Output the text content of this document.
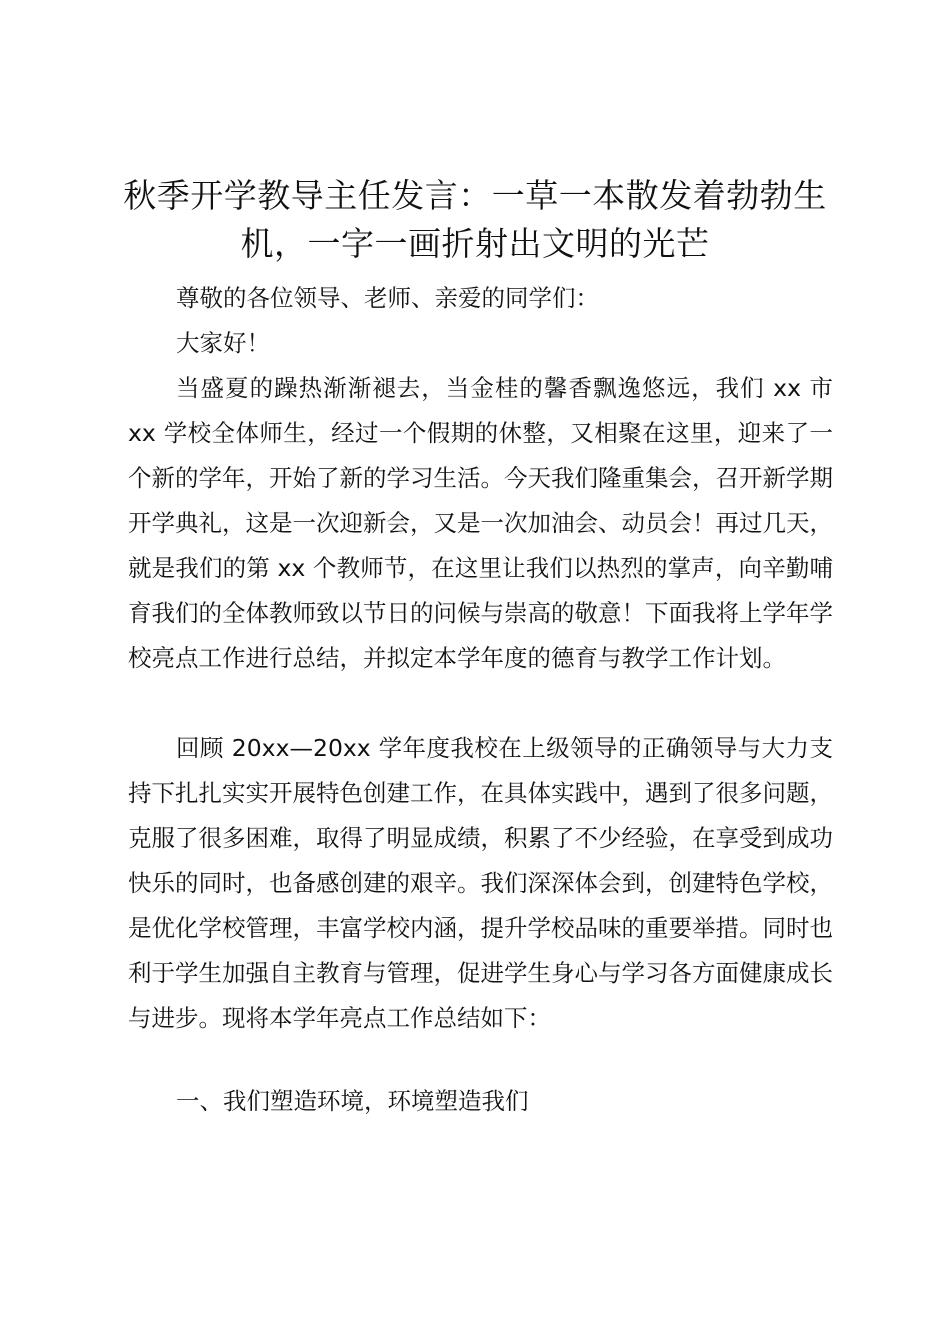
秋季开学教导主任发言：一草一本散发着勃勃生机，一字一画折射出文明的光芒

尊敬的各位领导、老师、亲爱的同学们：

大家好！

当盛夏的躁热渐渐褪去，当金桂的馨香飘逸悠远，我们 xx 市 xx 学校全体师生，经过一个假期的休整，又相聚在这里，迎来了一个新的学年，开始了新的学习生活。今天我们隆重集会，召开新学期开学典礼，这是一次迎新会，又是一次加油会、动员会！再过几天，就是我们的第 xx 个教师节，在这里让我们以热烈的掌声，向辛勤哺育我们的全体教师致以节日的问候与崇高的敬意！下面我将上学年学校亮点工作进行总结，并拟定本学年度的德育与教学工作计划。

回顾 20xx—20xx 学年度我校在上级领导的正确领导与大力支持下扎扎实实开展特色创建工作，在具体实践中，遇到了很多问题，克服了很多困难，取得了明显成绩，积累了不少经验，在享受到成功快乐的同时，也备感创建的艰辛。我们深深体会到，创建特色学校，是优化学校管理，丰富学校内涵，提升学校品味的重要举措。同时也利于学生加强自主教育与管理，促进学生身心与学习各方面健康成长与进步。现将本学年亮点工作总结如下：

一、我们塑造环境，环境塑造我们
